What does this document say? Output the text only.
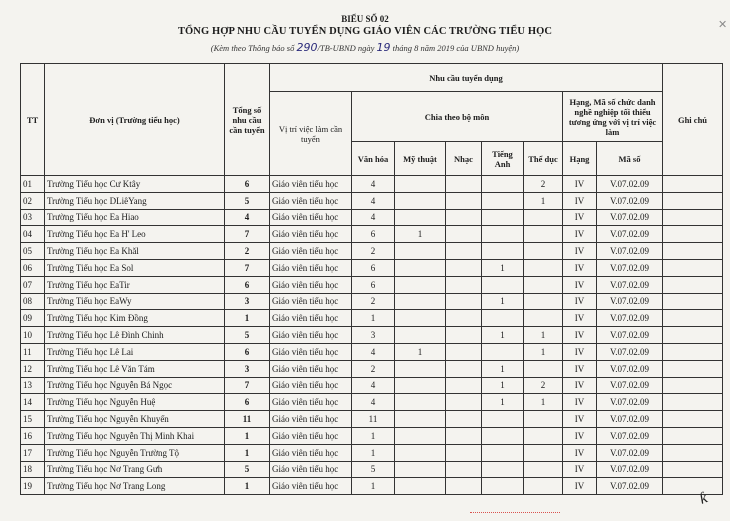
BIỂU SỐ 02
TỔNG HỢP NHU CẦU TUYỂN DỤNG GIÁO VIÊN CÁC TRƯỜNG TIỂU HỌC
(Kèm theo Thông báo số 290/TB-UBND ngày 19 tháng 8 năm 2019 của UBND huyện)
✕
TT	Đơn vị (Trường tiểu học)	Tổng số nhu cầu cần tuyển	Nhu cầu tuyển dụng								Ghi chú
			Vị trí việc làm cần tuyển	Chia theo bộ môn					Hạng, Mã số chức danh nghề nghiệp tối thiểu tương ứng với vị trí việc làm		
				Văn hóa	Mỹ thuật	Nhạc	Tiếng Anh	Thể dục	Hạng	Mã số	
01	Trường Tiểu học Cư Ktây	6	Giáo viên tiểu học	4				2	IV	V.07.02.09	
02	Trường Tiểu học DLiêYang	5	Giáo viên tiểu học	4				1	IV	V.07.02.09	
03	Trường Tiểu học Ea Hiao	4	Giáo viên tiểu học	4					IV	V.07.02.09	
04	Trường Tiểu học Ea H' Leo	7	Giáo viên tiểu học	6	1				IV	V.07.02.09	
05	Trường Tiểu học Ea Khăl	2	Giáo viên tiểu học	2					IV	V.07.02.09	
06	Trường Tiểu học Ea Sol	7	Giáo viên tiểu học	6			1		IV	V.07.02.09	
07	Trường Tiểu học EaTir	6	Giáo viên tiểu học	6					IV	V.07.02.09	
08	Trường Tiểu học EaWy	3	Giáo viên tiểu học	2			1		IV	V.07.02.09	
09	Trường Tiểu học Kim Đồng	1	Giáo viên tiểu học	1					IV	V.07.02.09	
10	Trường Tiểu học Lê Đình Chinh	5	Giáo viên tiểu học	3			1	1	IV	V.07.02.09	
11	Trường Tiểu học Lê Lai	6	Giáo viên tiểu học	4	1			1	IV	V.07.02.09	
12	Trường Tiểu học Lê Văn Tám	3	Giáo viên tiểu học	2			1		IV	V.07.02.09	
13	Trường Tiểu học Nguyễn Bá Ngọc	7	Giáo viên tiểu học	4			1	2	IV	V.07.02.09	
14	Trường Tiểu học Nguyễn Huệ	6	Giáo viên tiểu học	4			1	1	IV	V.07.02.09	
15	Trường Tiểu học Nguyễn Khuyến	11	Giáo viên tiểu học	11					IV	V.07.02.09	
16	Trường Tiểu học Nguyễn Thị Minh Khai	1	Giáo viên tiểu học	1					IV	V.07.02.09	
17	Trường Tiểu học Nguyễn Trường Tộ	1	Giáo viên tiểu học	1					IV	V.07.02.09	
18	Trường Tiểu học Nơ Trang Gưh	5	Giáo viên tiểu học	5					IV	V.07.02.09	
19	Trường Tiểu học Nơ Trang Long	1	Giáo viên tiểu học	1					IV	V.07.02.09	
ƙ
